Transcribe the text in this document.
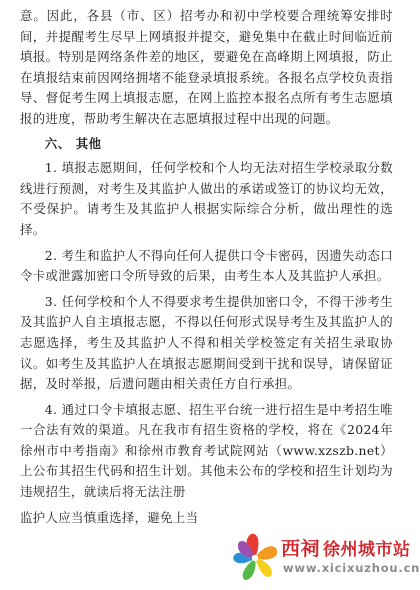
意。因此，各县（市、区）招考办和初中学校要合理统筹安排时间，并提醒考生尽早上网填报并提交，避免集中在截止时间临近前填报。特别是网络条件差的地区，要避免在高峰期上网填报，防止在填报结束前因网络拥堵不能登录填报系统。各报名点学校负责指导、督促考生网上填报志愿，在网上监控本报名点所有考生志愿填报的进度，帮助考生解决在志愿填报过程中出现的问题。

六、 其他

1. 填报志愿期间，任何学校和个人均无法对招生学校录取分数线进行预测，对考生及其监护人做出的承诺或签订的协议均无效，不受保护。请考生及其监护人根据实际综合分析，做出理性的选择。

2. 考生和监护人不得向任何人提供口令卡密码，因遗失动态口令卡或泄露加密口令所导致的后果，由考生本人及其监护人承担。

3. 任何学校和个人不得要求考生提供加密口令，不得干涉考生及其监护人自主填报志愿，不得以任何形式误导考生及其监护人的志愿选择，考生及其监护人不得和相关学校签定有关招生录取协议。如考生及其监护人在填报志愿期间受到干扰和误导，请保留证据，及时举报，后遗问题由相关责任方自行承担。

4. 通过口令卡填报志愿、招生平台统一进行招生是中考招生唯一合法有效的渠道。凡在我市有招生资格的学校，将在《2024年徐州市中考指南》和徐州市教育考试院网站（www.xzszb.net）上公布其招生代码和招生计划。其他未公布的学校和招生计划均为违规招生，就读后将无法注册

监护人应当慎重选择，避免上当

西祠 徐州城市站
www.xicixuzhou.cn
